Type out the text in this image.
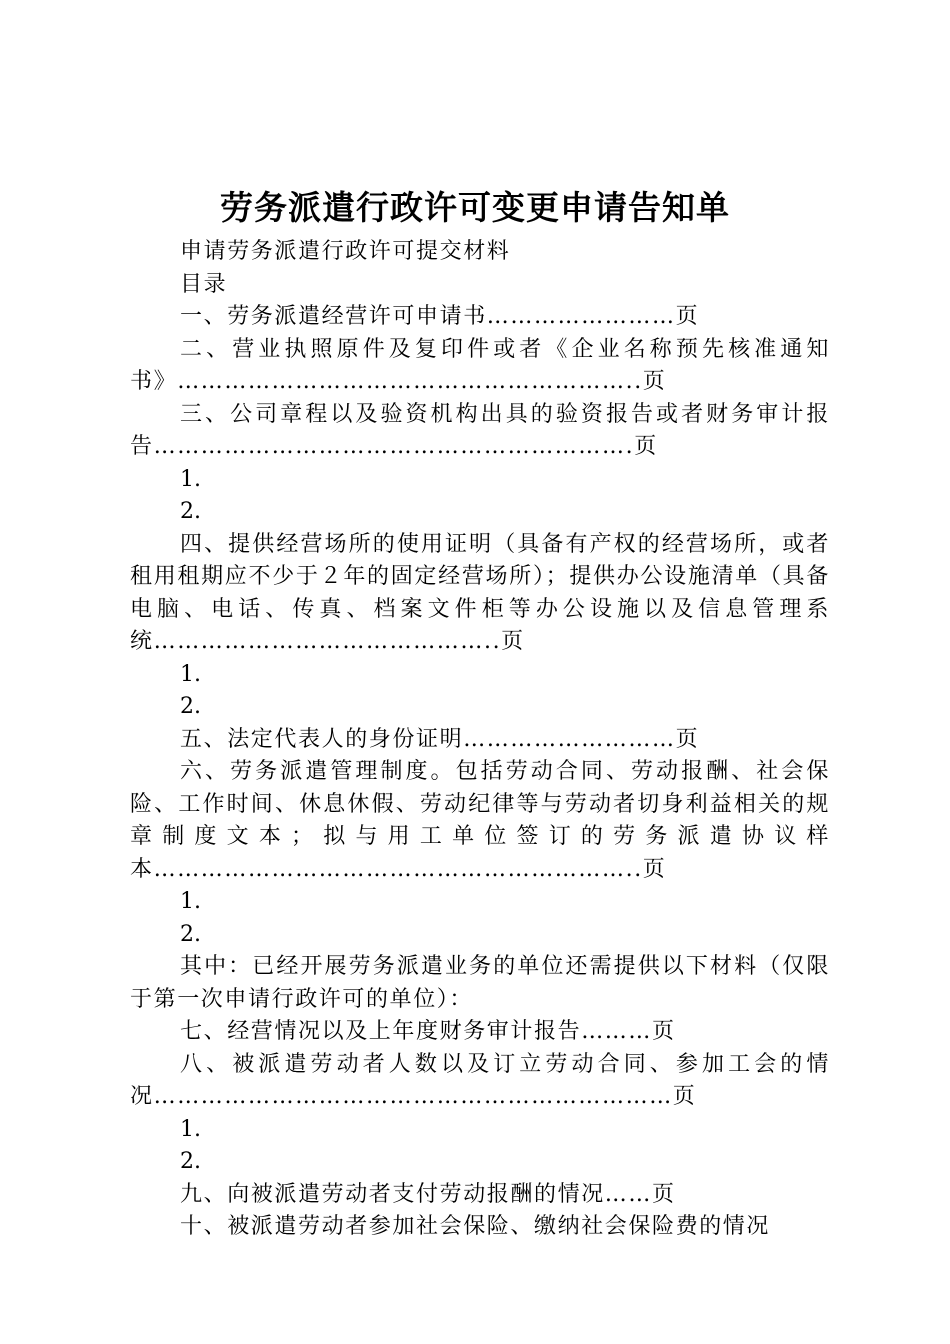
劳务派遣行政许可变更申请告知单

申请劳务派遣行政许可提交材料

目录

一、劳务派遣经营许可申请书……………………页

二、营业执照原件及复印件或者《企业名称预先核准通知书》…………………………………………………..页

三、公司章程以及验资机构出具的验资报告或者财务审计报告…………………………………………………….页

1.

2.

四、提供经营场所的使用证明（具备有产权的经营场所，或者租用租期应不少于２年的固定经营场所）；提供办公设施清单（具备电脑、电话、传真、档案文件柜等办公设施以及信息管理系统……………………………………..页

1.

2.

五、法定代表人的身份证明………………………页

六、劳务派遣管理制度。包括劳动合同、劳动报酬、社会保险、工作时间、休息休假、劳动纪律等与劳动者切身利益相关的规章制度文本；拟与用工单位签订的劳务派遣协议样本……………………………………………………..页

1.

2.

其中：已经开展劳务派遣业务的单位还需提供以下材料（仅限于第一次申请行政许可的单位）：

七、经营情况以及上年度财务审计报告………页

八、被派遣劳动者人数以及订立劳动合同、参加工会的情况…………………………………………………………页

1.

2.

九、向被派遣劳动者支付劳动报酬的情况……页

十、被派遣劳动者参加社会保险、缴纳社会保险费的情况
